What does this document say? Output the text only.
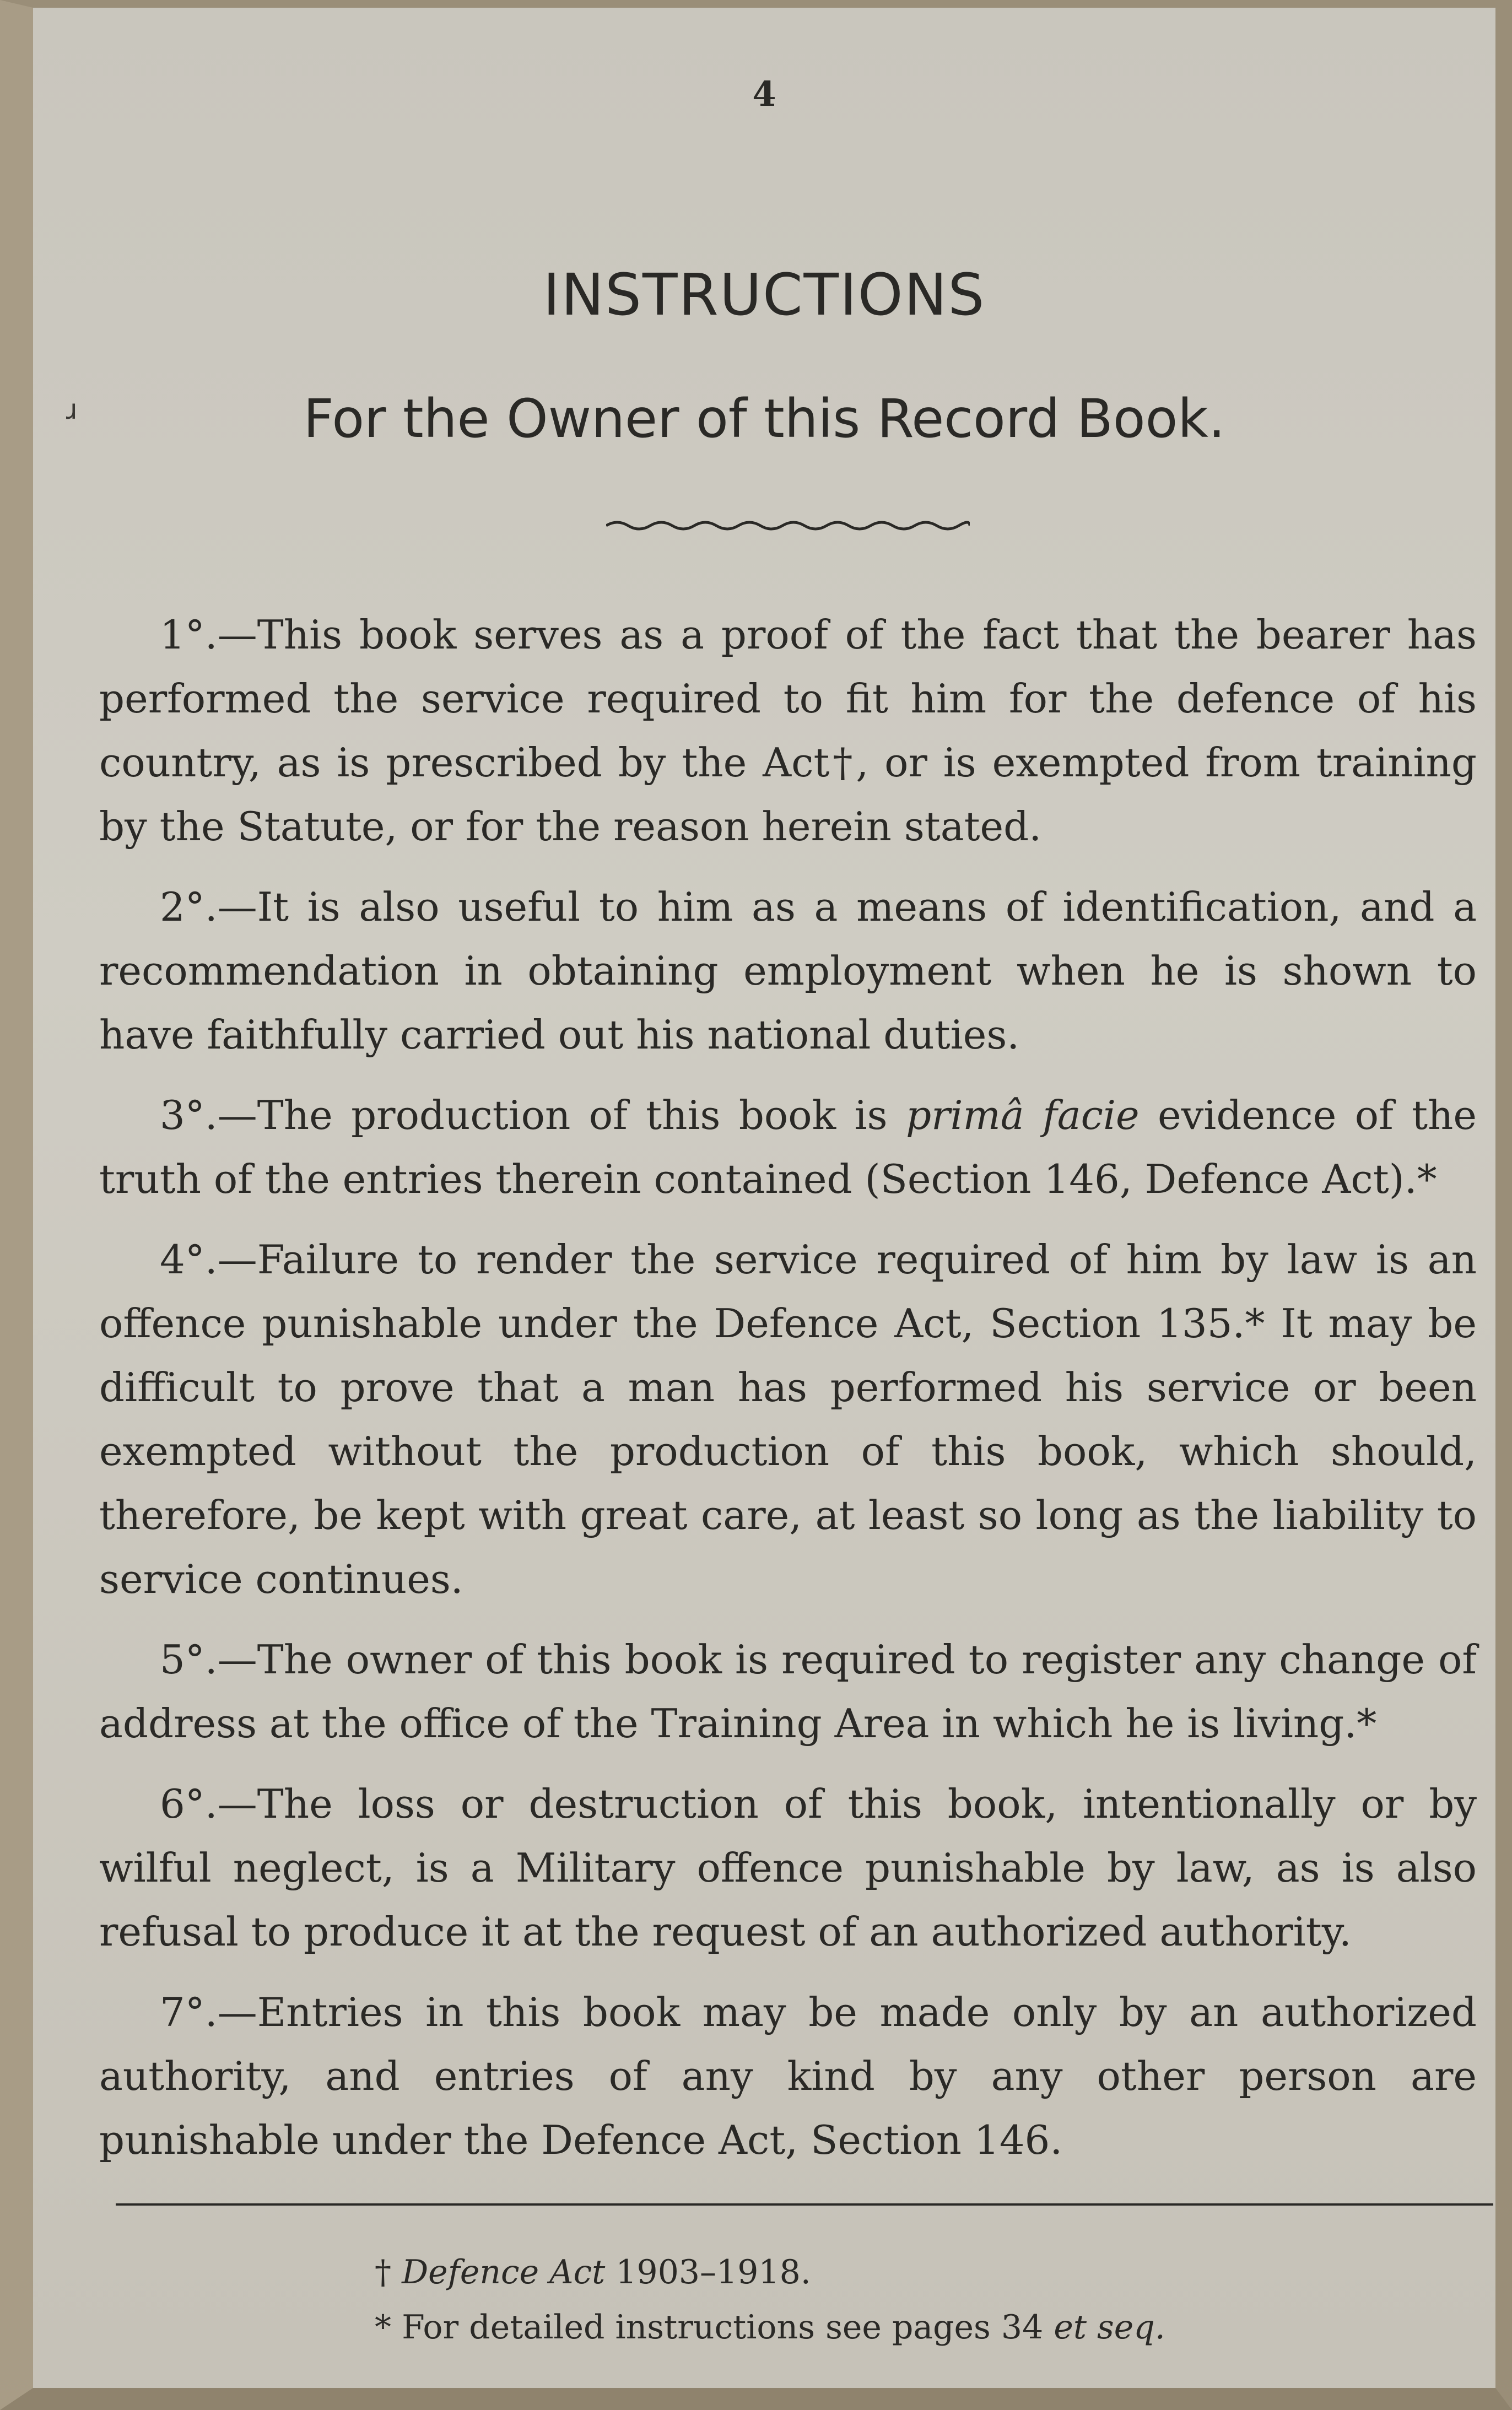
ɹ
4
INSTRUCTIONS
For the Owner of this Record Book.

1°.—This book serves as a proof of the fact that the bearer has performed the service required to fit him for the defence of his country, as is prescribed by the Act†, or is exempted from training by the Statute, or for the reason herein stated.

2°.—It is also useful to him as a means of identification, and a recommendation in obtaining employment when he is shown to have faithfully carried out his national duties.

3°.—The production of this book is primâ facie evidence of the truth of the entries therein contained (Section 146, Defence Act).*

4°.—Failure to render the service required of him by law is an offence punishable under the Defence Act, Section 135.* It may be difficult to prove that a man has performed his service or been exempted without the production of this book, which should, therefore, be kept with great care, at least so long as the liability to service continues.

5°.—The owner of this book is required to register any change of address at the office of the Training Area in which he is living.*

6°.—The loss or destruction of this book, intentionally or by wilful neglect, is a Military offence punishable by law, as is also refusal to produce it at the request of an authorized authority.

7°.—Entries in this book may be made only by an authorized authority, and entries of any kind by any other person are punishable under the Defence Act, Section 146.

† Defence Act 1903–1918.
* For detailed instructions see pages 34 et seq.
